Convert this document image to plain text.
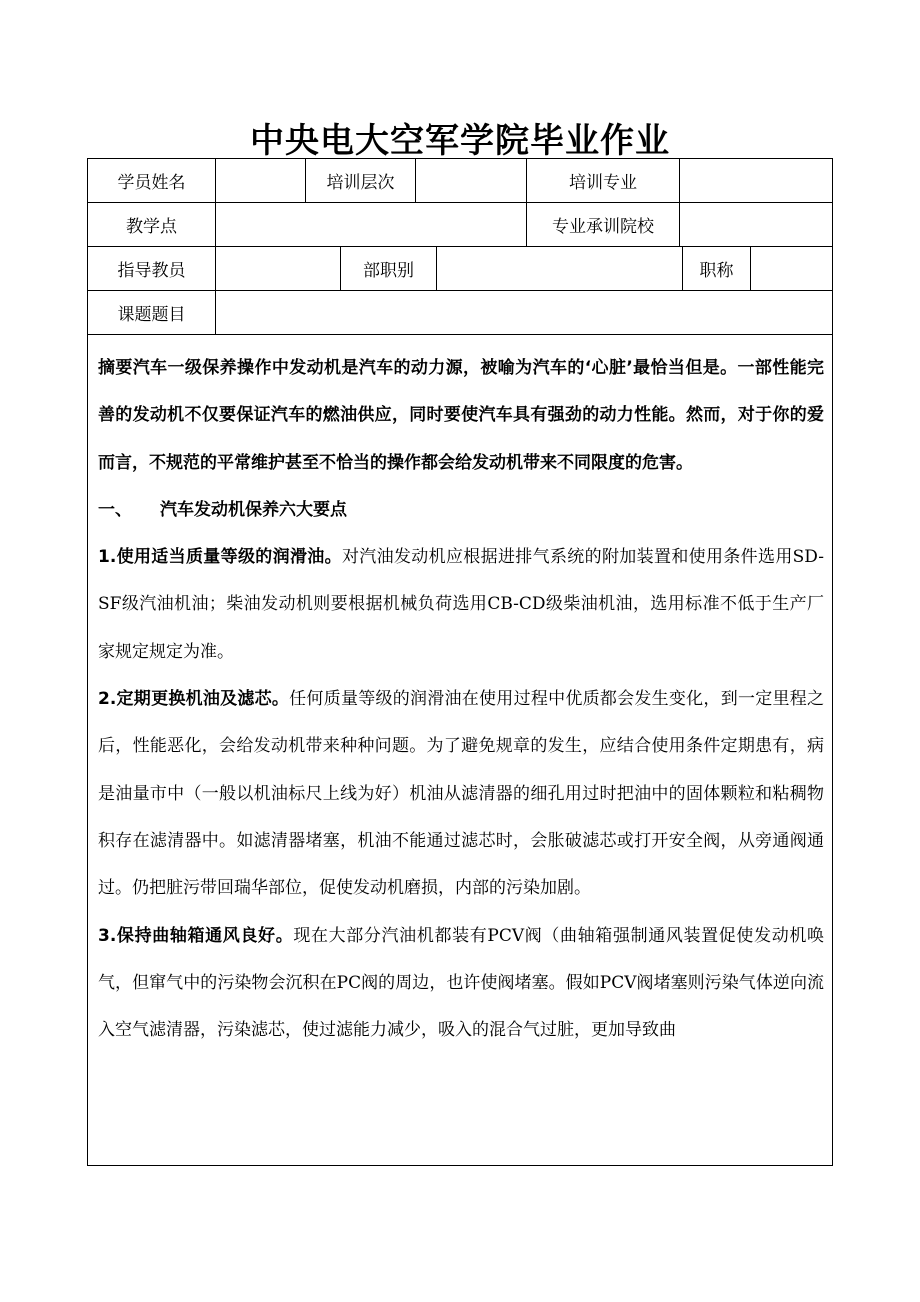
中央电大空军学院毕业作业
学员姓名	培训层次	培训专业
教学点	专业承训院校
指导教员	部职别	职称
课题题目

摘要汽车一级保养操作中发动机是汽车的动力源，被喻为汽车的‘心脏’最恰当但是。一部性能完善的发动机不仅要保证汽车的燃油供应，同时要使汽车具有强劲的动力性能。然而，对于你的爱而言，不规范的平常维护甚至不恰当的操作都会给发动机带来不同限度的危害。

一、 汽车发动机保养六大要点

1.使用适当质量等级的润滑油。对汽油发动机应根据进排气系统的附加装置和使用条件选用SD-SF级汽油机油；柴油发动机则要根据机械负荷选用CB-CD级柴油机油，选用标准不低于生产厂家规定规定为准。

2.定期更换机油及滤芯。任何质量等级的润滑油在使用过程中优质都会发生变化，到一定里程之后，性能恶化，会给发动机带来种种问题。为了避免规章的发生，应结合使用条件定期患有，病是油量市中（一般以机油标尺上线为好）机油从滤清器的细孔用过时把油中的固体颗粒和粘稠物积存在滤清器中。如滤清器堵塞，机油不能通过滤芯时，会胀破滤芯或打开安全阀，从旁通阀通过。仍把脏污带回瑞华部位，促使发动机磨损，内部的污染加剧。

3.保持曲轴箱通风良好。现在大部分汽油机都装有PCV阀（曲轴箱强制通风装置促使发动机唤气，但窜气中的污染物会沉积在PC阀的周边，也许使阀堵塞。假如PCV阀堵塞则污染气体逆向流入空气滤清器，污染滤芯，使过滤能力减少，吸入的混合气过脏，更加导致曲
